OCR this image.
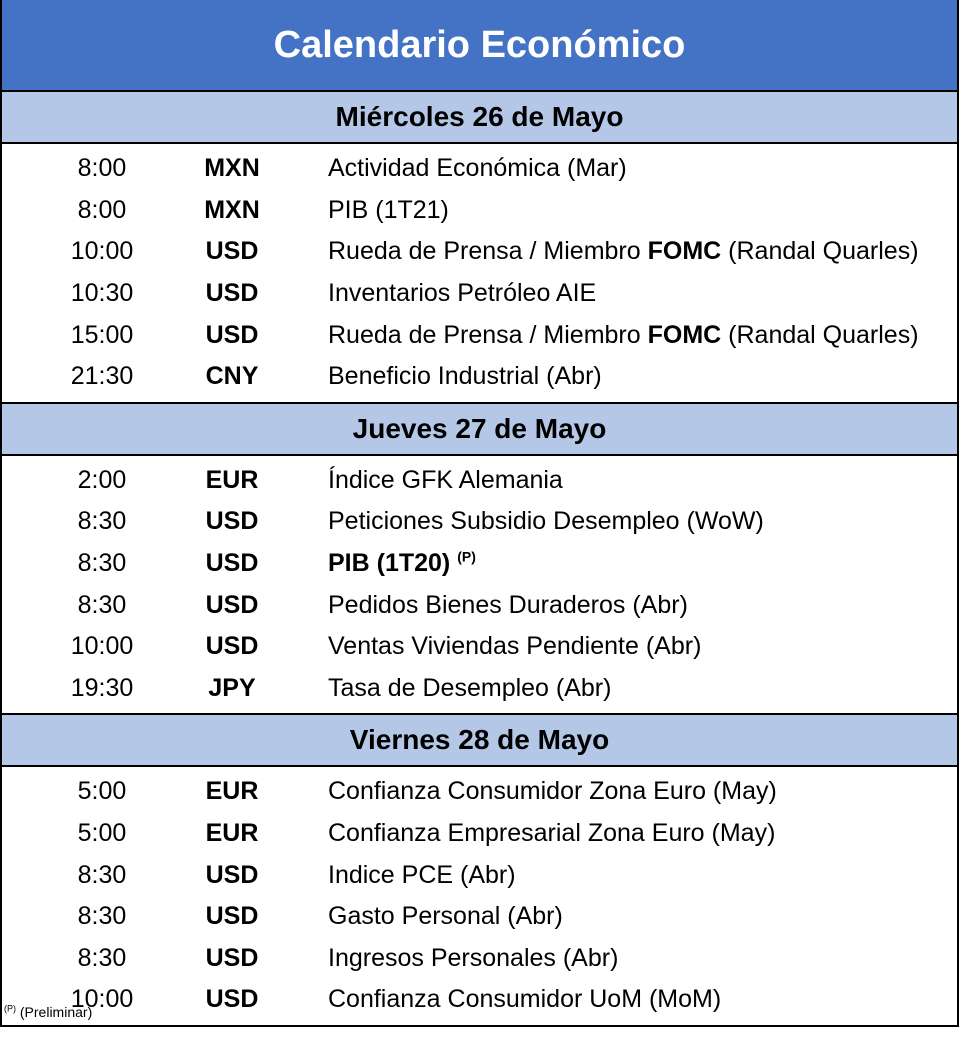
Calendario Económico
Miércoles 26 de Mayo
8:00	MXN	Actividad Económica (Mar)
8:00	MXN	PIB (1T21)
10:00	USD	Rueda de Prensa / Miembro FOMC (Randal Quarles)
10:30	USD	Inventarios Petróleo AIE
15:00	USD	Rueda de Prensa / Miembro FOMC (Randal Quarles)
21:30	CNY	Beneficio Industrial (Abr)
Jueves 27 de Mayo
2:00	EUR	Índice GFK Alemania
8:30	USD	Peticiones Subsidio Desempleo (WoW)
8:30	USD	PIB (1T20) $^{(P)}$
8:30	USD	Pedidos Bienes Duraderos (Abr)
10:00	USD	Ventas Viviendas Pendiente (Abr)
19:30	JPY	Tasa de Desempleo (Abr)
Viernes 28 de Mayo
5:00	EUR	Confianza Consumidor Zona Euro (May)
5:00	EUR	Confianza Empresarial Zona Euro (May)
8:30	USD	Indice PCE (Abr)
8:30	USD	Gasto Personal (Abr)
8:30	USD	Ingresos Personales (Abr)
10:00	USD	Confianza Consumidor UoM (MoM)
$^{(P)}$ (Preliminar)
